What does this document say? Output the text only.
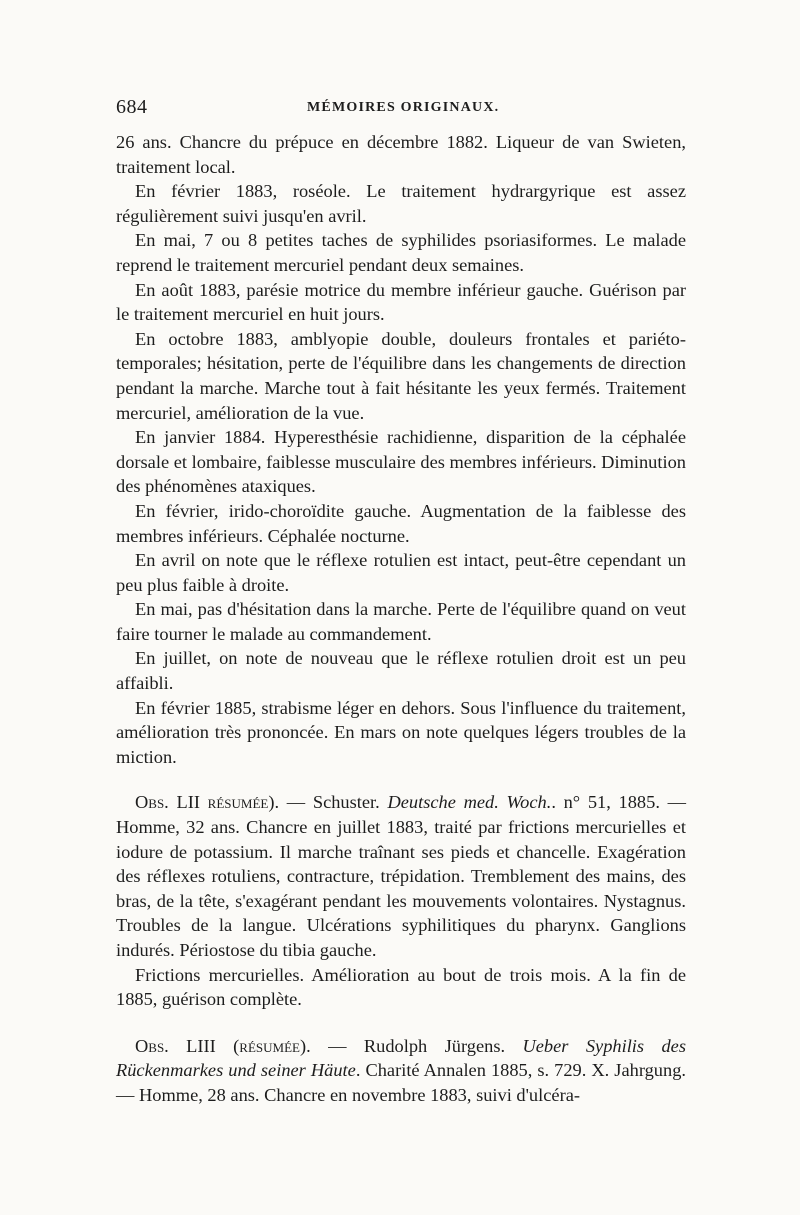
684	MÉMOIRES ORIGINAUX.

26 ans. Chancre du prépuce en décembre 1882. Liqueur de van Swieten, traitement local.

En février 1883, roséole. Le traitement hydrargyrique est assez régulièrement suivi jusqu'en avril.

En mai, 7 ou 8 petites taches de syphilides psoriasiformes. Le malade reprend le traitement mercuriel pendant deux semaines.

En août 1883, parésie motrice du membre inférieur gauche. Guérison par le traitement mercuriel en huit jours.

En octobre 1883, amblyopie double, douleurs frontales et pariéto-temporales; hésitation, perte de l'équilibre dans les changements de direction pendant la marche. Marche tout à fait hésitante les yeux fermés. Traitement mercuriel, amélioration de la vue.

En janvier 1884. Hyperesthésie rachidienne, disparition de la céphalée dorsale et lombaire, faiblesse musculaire des membres inférieurs. Diminution des phénomènes ataxiques.

En février, irido-choroïdite gauche. Augmentation de la faiblesse des membres inférieurs. Céphalée nocturne.

En avril on note que le réflexe rotulien est intact, peut-être cependant un peu plus faible à droite.

En mai, pas d'hésitation dans la marche. Perte de l'équilibre quand on veut faire tourner le malade au commandement.

En juillet, on note de nouveau que le réflexe rotulien droit est un peu affaibli.

En février 1885, strabisme léger en dehors. Sous l'influence du traitement, amélioration très prononcée. En mars on note quelques légers troubles de la miction.

Obs. LII résumée). — Schuster. Deutsche med. Woch.. n° 51, 1885. — Homme, 32 ans. Chancre en juillet 1883, traité par frictions mercurielles et iodure de potassium. Il marche traînant ses pieds et chancelle. Exagération des réflexes rotuliens, contracture, trépidation. Tremblement des mains, des bras, de la tête, s'exagérant pendant les mouvements volontaires. Nystagnus. Troubles de la langue. Ulcérations syphilitiques du pharynx. Ganglions indurés. Périostose du tibia gauche.

Frictions mercurielles. Amélioration au bout de trois mois. A la fin de 1885, guérison complète.

Obs. LIII (résumée). — Rudolph Jürgens. Ueber Syphilis des Rückenmarkes und seiner Häute. Charité Annalen 1885, s. 729. X. Jahrgung. — Homme, 28 ans. Chancre en novembre 1883, suivi d'ulcéra-
